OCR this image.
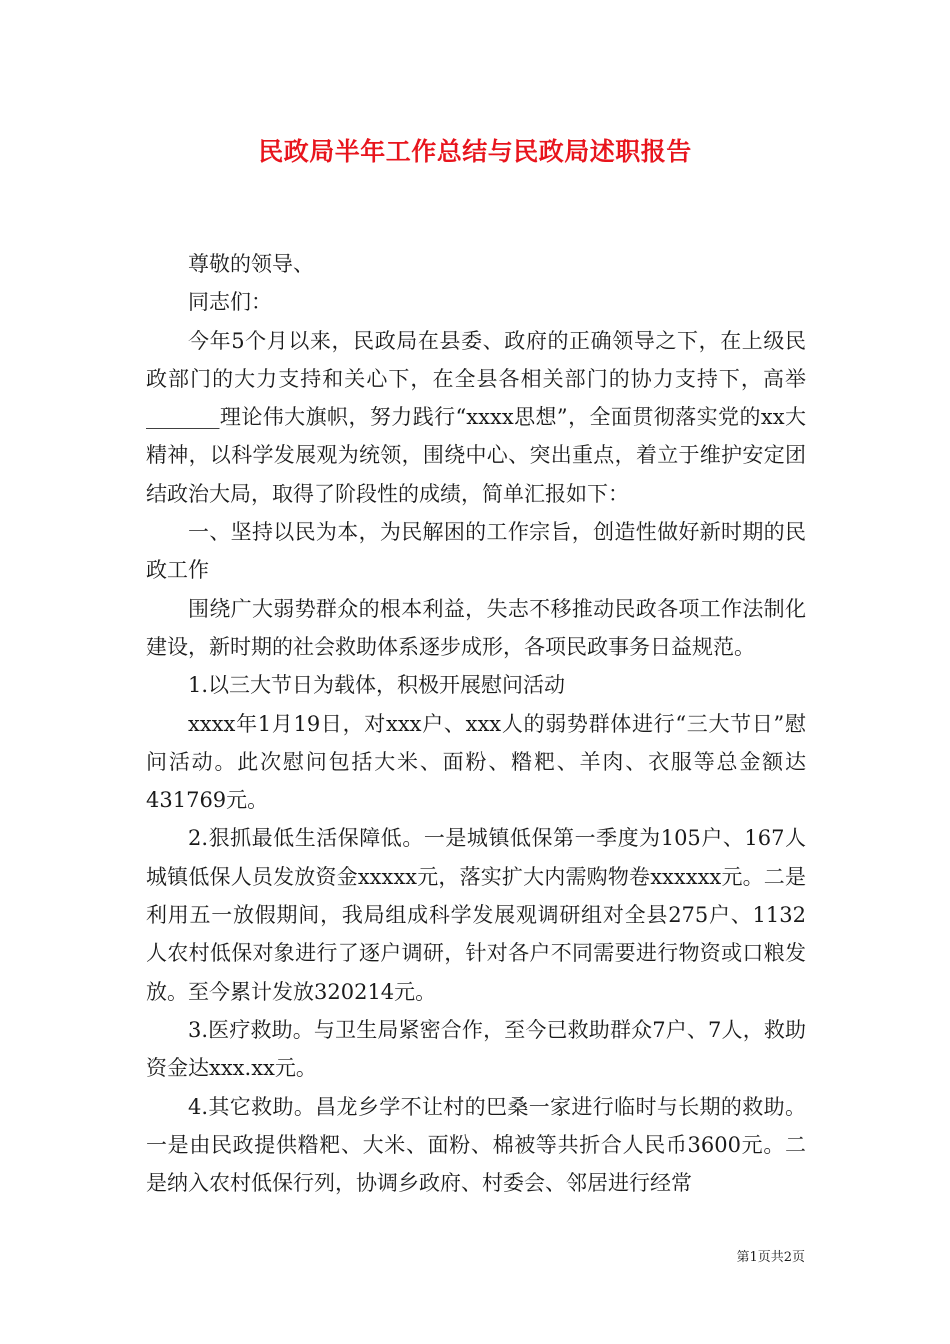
民政局半年工作总结与民政局述职报告

尊敬的领导、

同志们：

今年5个月以来，民政局在县委、政府的正确领导之下，在上级民政部门的大力支持和关心下，在全县各相关部门的协力支持下，高举_______理论伟大旗帜，努力践行“xxxx思想”，全面贯彻落实党的xx大精神，以科学发展观为统领，围绕中心、突出重点，着立于维护安定团结政治大局，取得了阶段性的成绩，简单汇报如下：

一、坚持以民为本，为民解困的工作宗旨，创造性做好新时期的民政工作

围绕广大弱势群众的根本利益，失志不移推动民政各项工作法制化建设，新时期的社会救助体系逐步成形，各项民政事务日益规范。

1.以三大节日为载体，积极开展慰问活动

xxxx年1月19日，对xxx户、xxx人的弱势群体进行“三大节日”慰问活动。此次慰问包括大米、面粉、糌粑、羊肉、衣服等总金额达431769元。

2.狠抓最低生活保障低。一是城镇低保第一季度为105户、167人城镇低保人员发放资金xxxxx元，落实扩大内需购物卷xxxxxx元。二是利用五一放假期间，我局组成科学发展观调研组对全县275户、1132人农村低保对象进行了逐户调研，针对各户不同需要进行物资或口粮发放。至今累计发放320214元。

3.医疗救助。与卫生局紧密合作，至今已救助群众7户、7人，救助资金达xxx.xx元。

4.其它救助。昌龙乡学不让村的巴桑一家进行临时与长期的救助。一是由民政提供糌粑、大米、面粉、棉被等共折合人民币3600元。二是纳入农村低保行列，协调乡政府、村委会、邻居进行经常

第1页共2页
